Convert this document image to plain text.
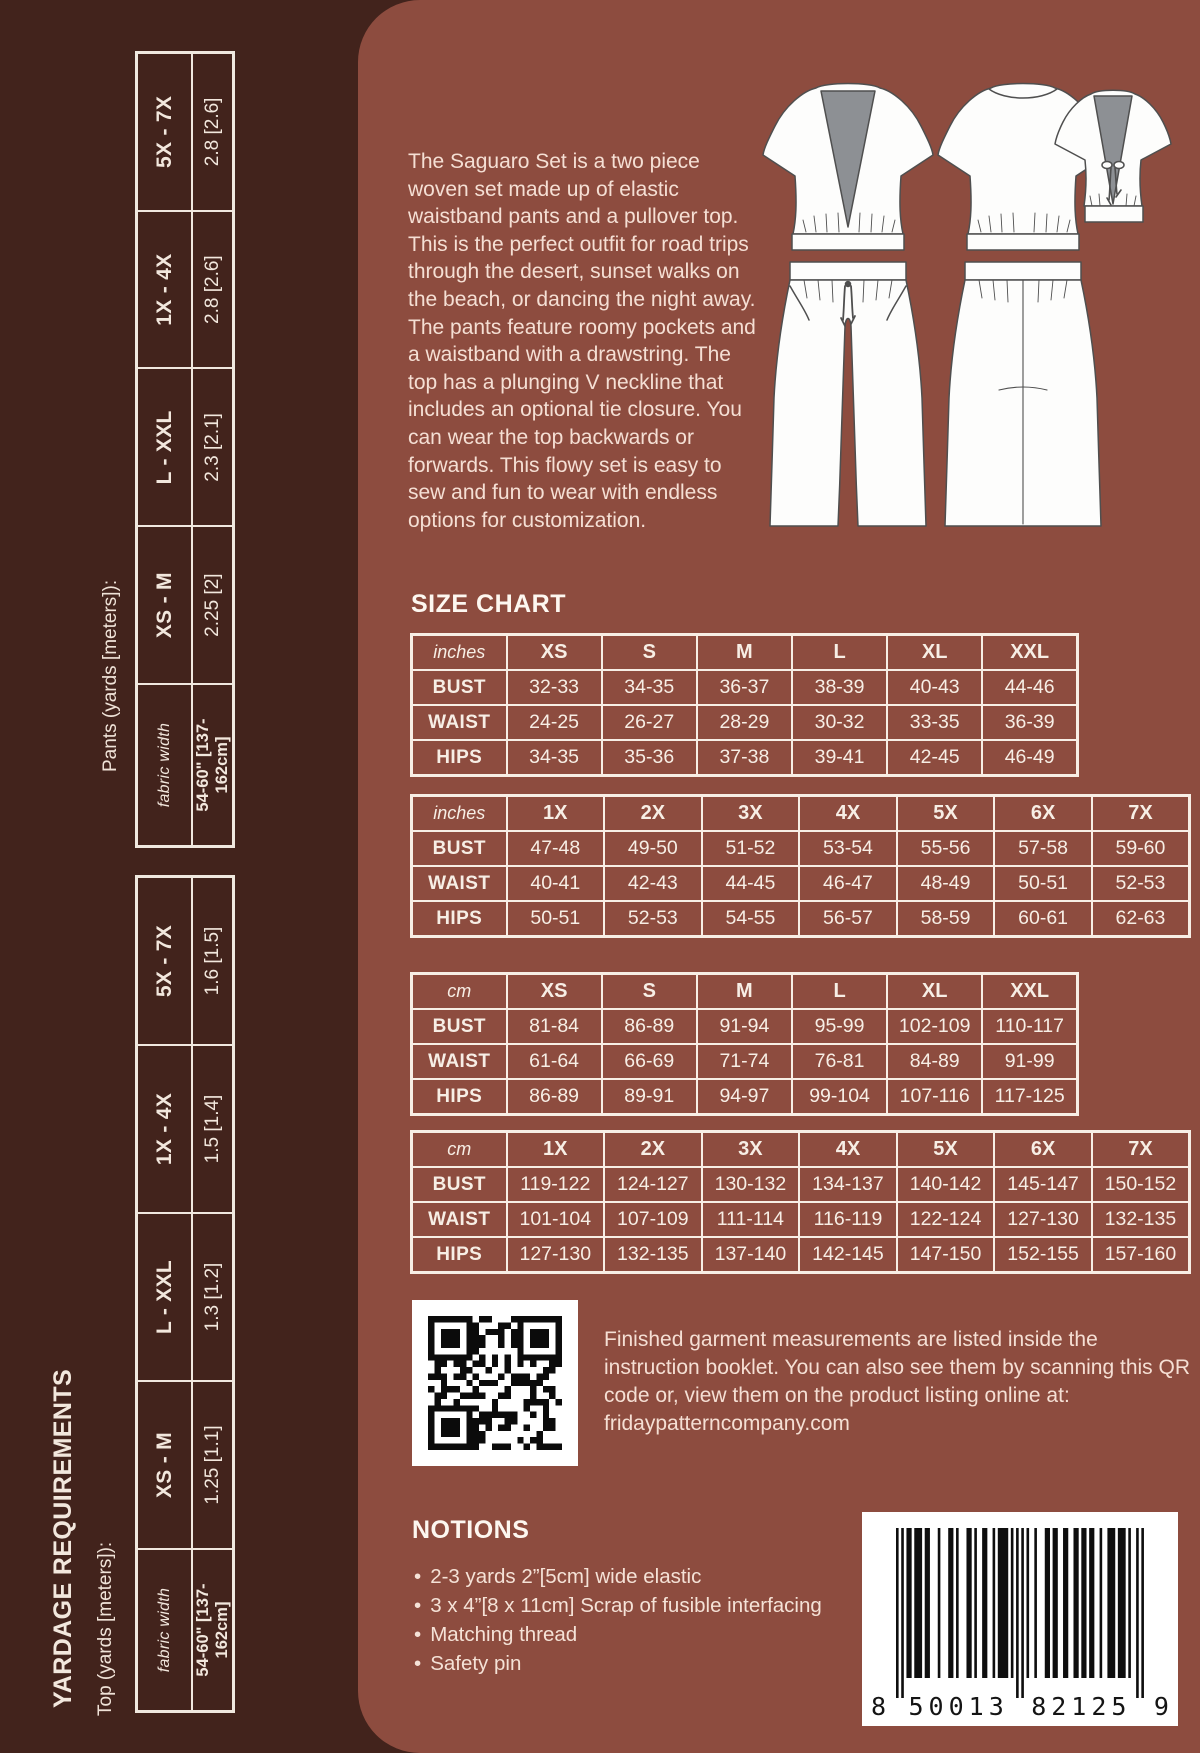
YARDAGE REQUIREMENTS
Pants (yards [meters]):	fabric width	54-60" [137-162cm]
XS - M	2.25 [2]
L - XXL	2.3 [2.1]
1X - 4X	2.8 [2.6]
5X - 7X	2.8 [2.6]
Top (yards [meters]):	fabric width	54-60" [137-162cm]
XS - M	1.25 [1.1]
L - XXL	1.3 [1.2]
1X - 4X	1.5 [1.4]
5X - 7X	1.6 [1.5]

The Saguaro Set is a two piece woven set made up of elastic waistband pants and a pullover top. This is the perfect outfit for road trips through the desert, sunset walks on the beach, or dancing the night away. The pants feature roomy pockets and a waistband with a drawstring. The top has a plunging V neckline that includes an optional tie closure. You can wear the top backwards or forwards. This flowy set is easy to sew and fun to wear with endless options for customization.

SIZE CHART
inches	XS	S	M	L	XL	XXL
BUST	32-33	34-35	36-37	38-39	40-43	44-46
WAIST	24-25	26-27	28-29	30-32	33-35	36-39
HIPS	34-35	35-36	37-38	39-41	42-45	46-49
inches	1X	2X	3X	4X	5X	6X	7X
BUST	47-48	49-50	51-52	53-54	55-56	57-58	59-60
WAIST	40-41	42-43	44-45	46-47	48-49	50-51	52-53
HIPS	50-51	52-53	54-55	56-57	58-59	60-61	62-63
cm	XS	S	M	L	XL	XXL
BUST	81-84	86-89	91-94	95-99	102-109	110-117
WAIST	61-64	66-69	71-74	76-81	84-89	91-99
HIPS	86-89	89-91	94-97	99-104	107-116	117-125
cm	1X	2X	3X	4X	5X	6X	7X
BUST	119-122	124-127	130-132	134-137	140-142	145-147	150-152
WAIST	101-104	107-109	111-114	116-119	122-124	127-130	132-135
HIPS	127-130	132-135	137-140	142-145	147-150	152-155	157-160

Finished garment measurements are listed inside the instruction booklet. You can also see them by scanning this QR code or, view them on the product listing online at: fridaypatterncompany.com

NOTIONS
• 2-3 yards 2”[5cm] wide elastic
• 3 x 4”[8 x 11cm] Scrap of fusible interfacing
• Matching thread
• Safety pin
8 50013 82125 9
